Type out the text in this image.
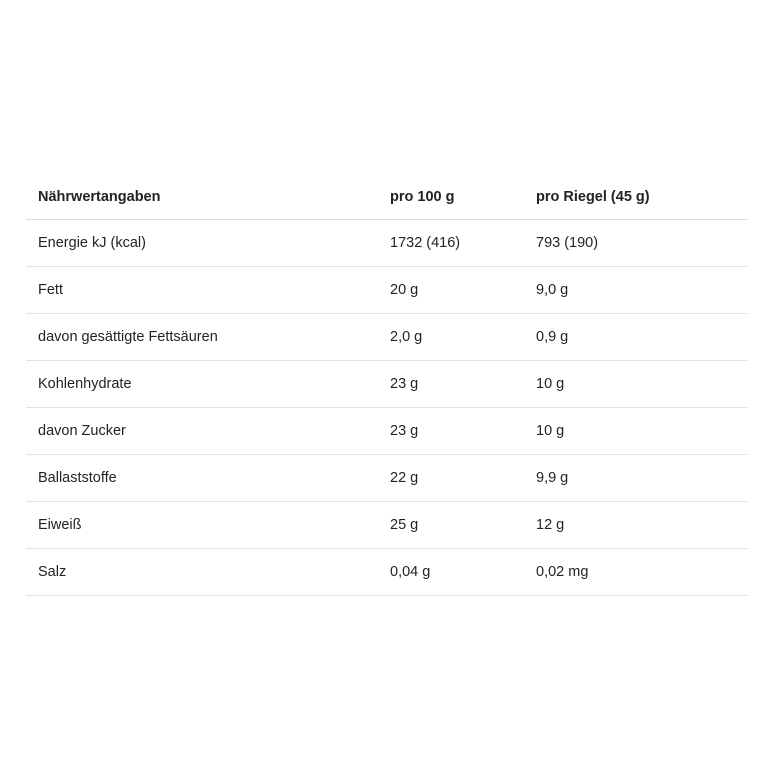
Nährwertangaben	pro 100 g	pro Riegel (45 g)
Energie kJ (kcal)	1732 (416)	793 (190)
Fett	20 g	9,0 g
davon gesättigte Fettsäuren	2,0 g	0,9 g
Kohlenhydrate	23 g	10 g
davon Zucker	23 g	10 g
Ballaststoffe	22 g	9,9 g
Eiweiß	25 g	12 g
Salz	0,04 g	0,02 mg
